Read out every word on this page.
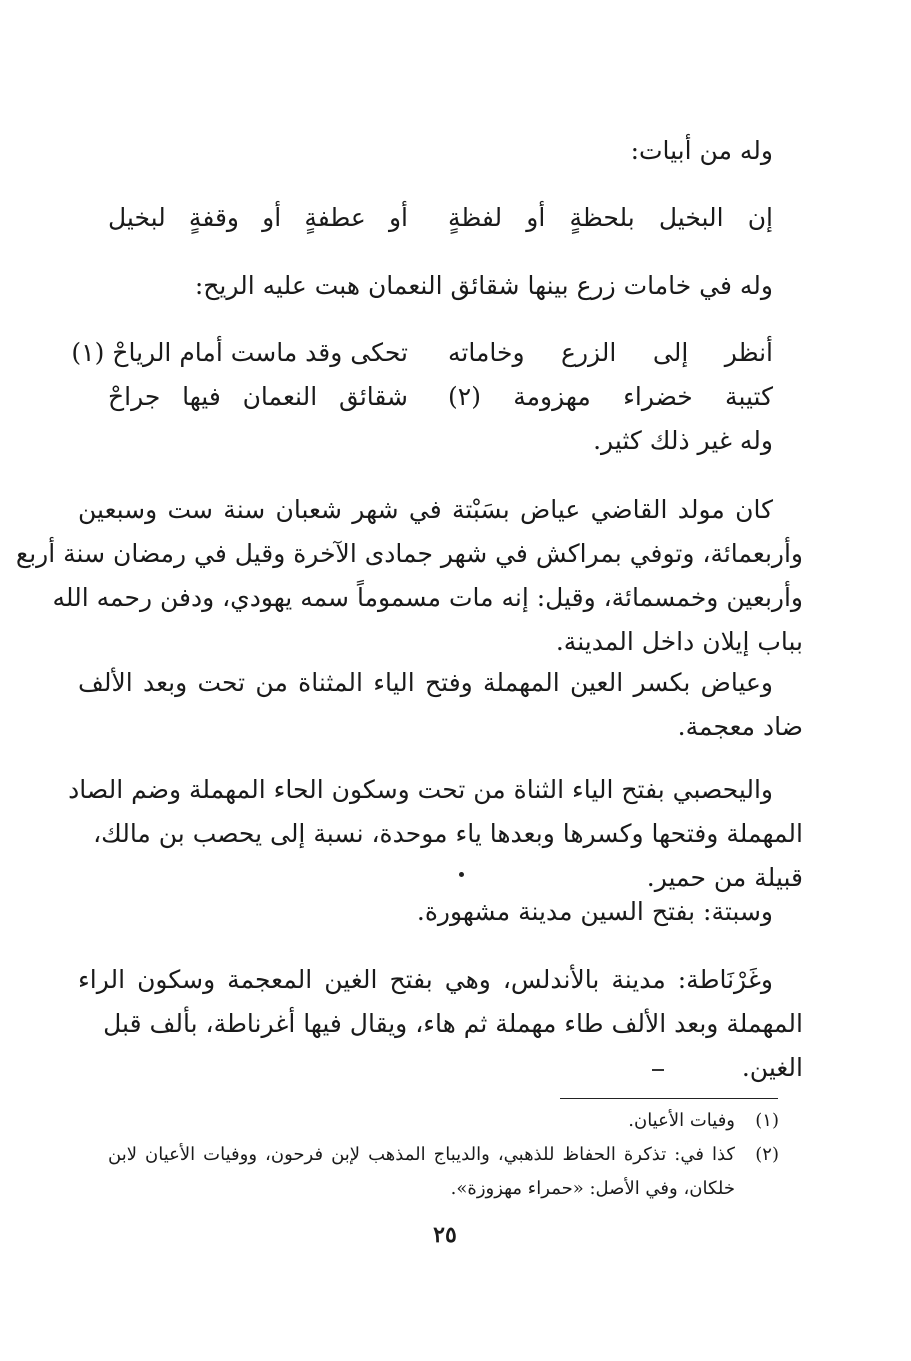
وله من أبيات:
إن البخيل بلحظةٍ أو لفظةٍ
أو عطفةٍ أو وقفةٍ لبخيل
وله في خامات زرع بينها شقائق النعمان هبت عليه الريح:
أنظر إلى الزرع وخاماته
تحكى وقد ماست أمام الرياحْ (١)
كتيبة خضراء مهزومة (٢)
شقائق النعمان فيها جراحْ
وله غير ذلك كثير.
كان مولد القاضي عياض بسَبْتة في شهر شعبان سنة ست وسبعين
وأربعمائة، وتوفي بمراكش في شهر جمادى الآخرة وقيل في رمضان سنة أربع
وأربعين وخمسمائة، وقيل: إنه مات مسموماً سمه يهودي، ودفن رحمه الله
بباب إيلان داخل المدينة.
وعياض بكسر العين المهملة وفتح الياء المثناة من تحت وبعد الألف
ضاد معجمة.
واليحصبي بفتح الياء الثناة من تحت وسكون الحاء المهملة وضم الصاد
المهملة وفتحها وكسرها وبعدها ياء موحدة، نسبة إلى يحصب بن مالك،
قبيلة من حمير.
وسبتة: بفتح السين مدينة مشهورة.
وغَرْنَاطة: مدينة بالأندلس، وهي بفتح الغين المعجمة وسكون الراء
المهملة وبعد الألف طاء مهملة ثم هاء، ويقال فيها أغرناطة، بألف قبل
الغين.
(١)
وفيات الأعيان.
(٢)
كذا في: تذكرة الحفاظ للذهبي، والديباج المذهب لإبن فرحون، ووفيات الأعيان لابن
خلكان، وفي الأصل: «حمراء مهزوزة».
٢٥
